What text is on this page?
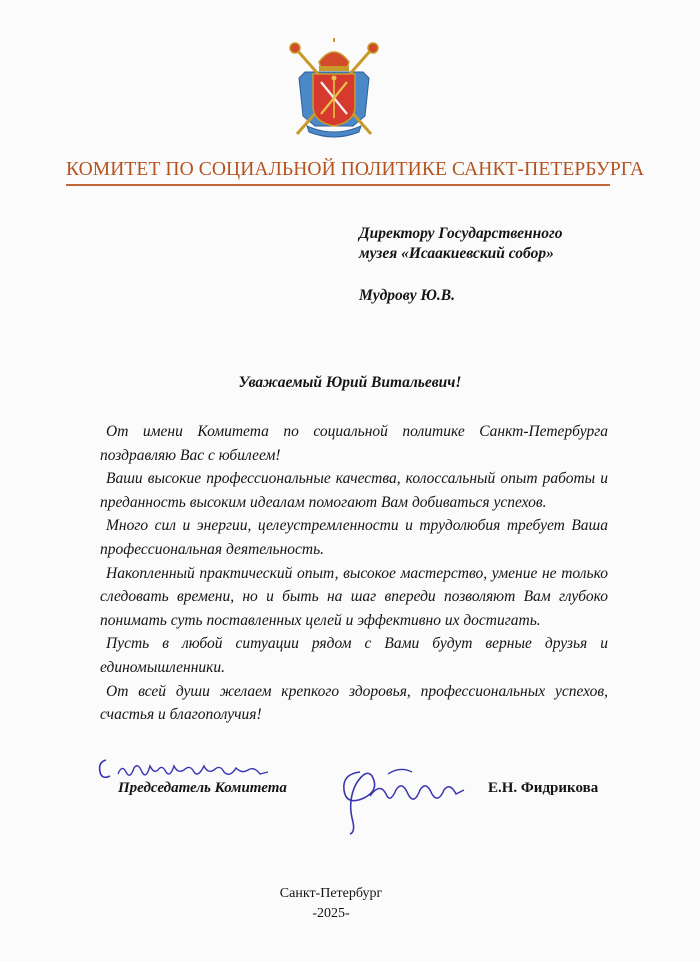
КОМИТЕТ ПО СОЦИАЛЬНОЙ ПОЛИТИКЕ САНКТ-ПЕТЕРБУРГА
Директору Государственного
музея «Исаакиевский собор»
Мудрову Ю.В.
Уважаемый Юрий Витальевич!

От имени Комитета по социальной политике Санкт-Петербурга поздравляю Вас с юбилеем!

Ваши высокие профессиональные качества, колоссальный опыт работы и преданность высоким идеалам помогают Вам добиваться успехов.

Много сил и энергии, целеустремленности и трудолюбия требует Ваша профессиональная деятельность.

Накопленный практический опыт, высокое мастерство, умение не только следовать времени, но и быть на шаг впереди позволяют Вам глубоко понимать суть поставленных целей и эффективно их достигать.

Пусть в любой ситуации рядом с Вами будут верные друзья и единомышленники.

От всей души желаем крепкого здоровья, профессиональных успехов, счастья и благополучия!

Председатель Комитета	Е.Н. Фидрикова
Санкт-Петербург
-2025-
